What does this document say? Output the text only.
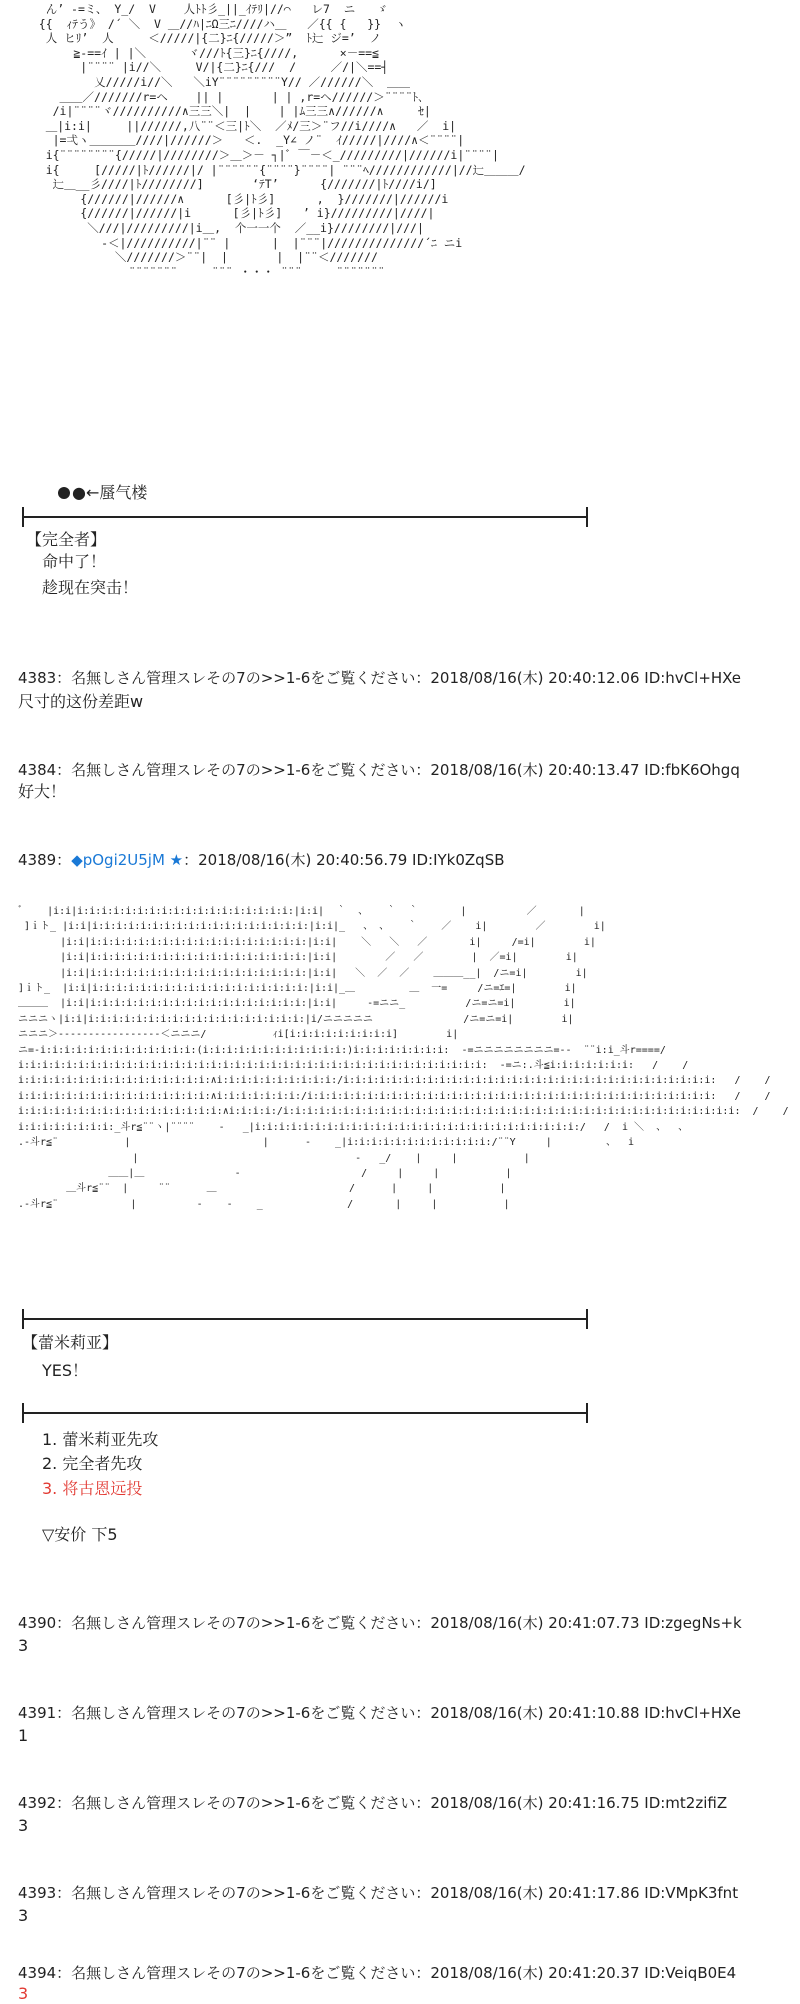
ん’ -=ミ、 Y_/  V    人ﾄﾄ彡_||_ｲﾃﾘ|//⌒   レ7  ニ   ゞ
{{  ｨﾃう》 /´ ＼  V ＿//ﾊ|ﾆΩ三ﾆ////ハ＿   ／{{ {   }}  ヽ
人 ヒﾘ’  人     ＜/////|{二}ﾆ{/////＞”  ﾄ辷 ジ=’  ノ
≧-==ｲ | |＼      ヾ///ﾄ{三}ﾆ{////,      ×－==≦
|¨¨¨¨ |i//＼     V/|{二}ﾆ{///  /     ／/|＼==┤
乂/////i//＼   ＼iY¨¨¨¨¨¨¨¨¨Y// ／//////＼  ＿＿
＿＿／///////r=ヘ    || |       | | ,r=ヘ//////＞¨¨¨¨ﾄ､
/i|¨¨¨¨ヾ//////////∧三三＼|  |    | |ﾑ三三∧//////∧     ｾ|
＿|i:i|     ||//////,八¨¨＜三|ﾄ＼  ／ﾒ/三＞¨フ//i////∧   ／  i|
|=弌ヽ＿＿＿＿////|//////＞   ＜.  _Y∠ ノ¨  ｲ/////|////∧＜¨¨¨¨|
i{¨¨¨¨¨¨¨¨{/////|////////＞＿＞－ ┐|ﾞ ￣－＜_/////////|//////i|¨¨¨¨|
i{     [/////|ﾄ//////|/ |¨¨¨¨¨¨{¨¨¨¨}¨¨¨¨| ¨¨¨ﾍ////////////|//辷＿＿＿/
辷＿__彡////|ﾄ////////]       ‘ﾃT’      {///////|ﾄ////i/]
{//////|//////∧      [彡|ﾄ彡]      ,  }///////|//////i
{//////|//////|i      [彡|ﾄ彡]   ’ i}/////////|////|
＼///|/////////|i＿,  个一一个  ／__i}////////|///|
-＜|//////////|¨¨ |      |  |¨¨¨|//////////////´ﾆ ニi
＼///////＞¨¨|  |       |  |¨¨＜///////
¨¨¨¨¨¨¨     ¨¨¨ ・・・ ¨¨¨     ¨¨¨¨¨¨¨
●←蜃气楼
【完全者】
命中了！
趁现在突击！
4383：名無しさん管理スレその7の>>1-6をご覧ください：2018/08/16(木) 20:40:12.06 ID:hvCl+HXe
尺寸的这份差距w
4384：名無しさん管理スレその7の>>1-6をご覧ください：2018/08/16(木) 20:40:13.47 ID:fbK6Ohgq
好大！
4389：◆pOgi2U5jM ★：2018/08/16(木) 20:40:56.79 ID:IYk0ZqSB
ﾞ    |i:i|i:i:i:i:i:i:i:i:i:i:i:i:i:i:i:i:i:i:|i:i|  ｀  、   ｀  ｀       |          ／       |
]ｉト_ |i:i|i:i:i:i:i:i:i:i:i:i:i:i:i:i:i:i:i:i:|i:i|_   、 、   ｀    ／    i|        ／        i|
|i:i|i:i:i:i:i:i:i:i:i:i:i:i:i:i:i:i:i:i:|i:i|    ＼   ＼   ／       i|     /=i|        i|
|i:i|i:i:i:i:i:i:i:i:i:i:i:i:i:i:i:i:i:i:|i:i|        ／   ／        |  ／=i|        i|
|i:i|i:i:i:i:i:i:i:i:i:i:i:i:i:i:i:i:i:i:|i:i|   ＼  ／  ／    ＿＿＿__|  /ニ=i|        i|
]ｉト_  |i:i|i:i:i:i:i:i:i:i:i:i:i:i:i:i:i:i:i:i:|i:i|_＿         ＿  一=     /ニ=ｴ=|        i|
＿＿＿  |i:i|i:i:i:i:i:i:i:i:i:i:i:i:i:i:i:i:i:i:|i:i|     -=ニニ_          /ニ=ニ=i|        i|
ニニニヽ|i:i|i:i:i:i:i:i:i:i:i:i:i:i:i:i:i:i:i:i:|i/ニニニニニ               /ニ=ニ=i|        i|
ニニニ＞-----------------＜ニニニ/           ｨi[i:i:i:i:i:i:i:i:i]        i|
ニ=-i:i:i:i:i:i:i:i:i:i:i:i:i:(i:i:i:i:i:i:i:i:i:i:i:i:)i:i:i:i:i:i:i:i:  -=ニニニニニニニニ=--  ¨¨i:i_斗r====/
i:i:i:i:i:i:i:i:i:i:i:i:i:i:i:i:i:i:i:i:i:i:i:i:i:i:i:i:i:i:i:i:i:i:i:i:i:i:i:  -=ニ:.斗≦i:i:i:i:i:i:i:   /    /
i:i:i:i:i:i:i:i:i:i:i:i:i:i:i:i:∧i:i:i:i:i:i:i:i:i:i:/i:i:i:i:i:i:i:i:i:i:i:i:i:i:i:i:i:i:i:i:i:i:i:i:i:i:i:i:i:i:i:   /    /
i:i:i:i:i:i:i:i:i:i:i:i:i:i:i:i:∧i:i:i:i:i:i:i:/i:i:i:i:i:i:i:i:i:i:i:i:i:i:i:i:i:i:i:i:i:i:i:i:i:i:i:i:i:i:i:i:i:i:   /    /
i:i:i:i:i:i:i:i:i:i:i:i:i:i:i:i:i:∧i:i:i:i:/i:i:i:i:i:i:i:i:i:i:i:i:i:i:i:i:i:i:i:i:i:i:i:i:i:i:i:i:i:i:i:i:i:i:i:i:i:i:  /    /
i:i:i:i:i:i:i:i:_斗r≦¨¨ヽ|¨¨¨¨    -   _|i:i:i:i:i:i:i:i:i:i:i:i:i:i:i:i:i:i:i:i:i:i:i:i:i:i:i:/   /  i ＼  、  、
.-斗r≦¨           |                      |      -    _|i:i:i:i:i:i:i:i:i:i:i:i:/¨¨Y     |         、  i
|                                    -   _/    |     |           |
＿＿|＿               -                    /     |     |           |
＿斗r≦¨¨  |     ¨¨      ＿                      /      |     |           |
.-斗r≦¨            |          -    -    _              /       |     |           |
【蕾米莉亚】
YES！
1. 蕾米莉亚先攻
2. 完全者先攻
3. 将古恩远投
▽安价 下5
4390：名無しさん管理スレその7の>>1-6をご覧ください：2018/08/16(木) 20:41:07.73 ID:zgegNs+k
3
4391：名無しさん管理スレその7の>>1-6をご覧ください：2018/08/16(木) 20:41:10.88 ID:hvCl+HXe
1
4392：名無しさん管理スレその7の>>1-6をご覧ください：2018/08/16(木) 20:41:16.75 ID:mt2zifiZ
3
4393：名無しさん管理スレその7の>>1-6をご覧ください：2018/08/16(木) 20:41:17.86 ID:VMpK3fnt
3
4394：名無しさん管理スレその7の>>1-6をご覧ください：2018/08/16(木) 20:41:20.37 ID:VeiqB0E4
3
